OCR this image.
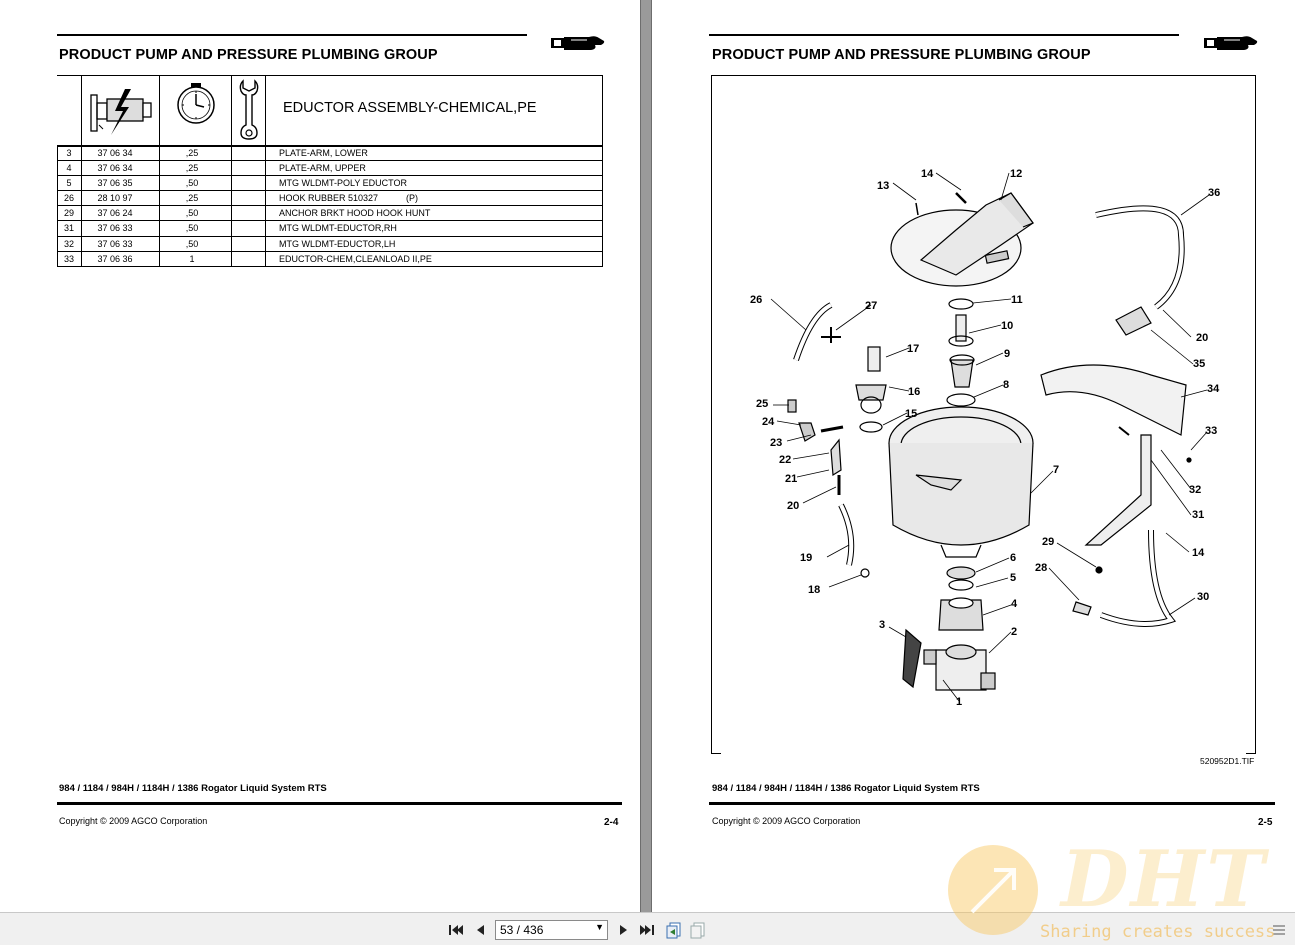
PRODUCT PUMP AND PRESSURE PLUMBING GROUP
EDUCTOR ASSEMBLY-CHEMICAL,PE
3	37 06 34	,25	PLATE-ARM, LOWER
4	37 06 34	,25	PLATE-ARM, UPPER
5	37 06 35	,50	MTG WLDMT-POLY EDUCTOR
26	28 10 97	,25	HOOK RUBBER 510327	(P)
29	37 06 24	,50	ANCHOR BRKT HOOD HOOK HUNT
31	37 06 33	,50	MTG WLDMT-EDUCTOR,RH
32	37 06 33	,50	MTG WLDMT-EDUCTOR,LH
33	37 06 36	1	EDUCTOR-CHEM,CLEANLOAD II,PE
984 / 1184 / 984H / 1184H / 1386 Rogator Liquid System RTS
Copyright © 2009 AGCO Corporation	2-4
PRODUCT PUMP AND PRESSURE PLUMBING GROUP
984 / 1184 / 984H / 1184H / 1386 Rogator Liquid System RTS
Copyright © 2009 AGCO Corporation	2-5
520952D1.TIF
1
2
3
4
5
6
7
8
9
10
11
12
13
14
14
15
16
17
18
19
20
20
21
22
23
24
25
26	27
28
29
30
31
32
33
34
35
36
53 / 436	▼
DHT
Sharing creates success
